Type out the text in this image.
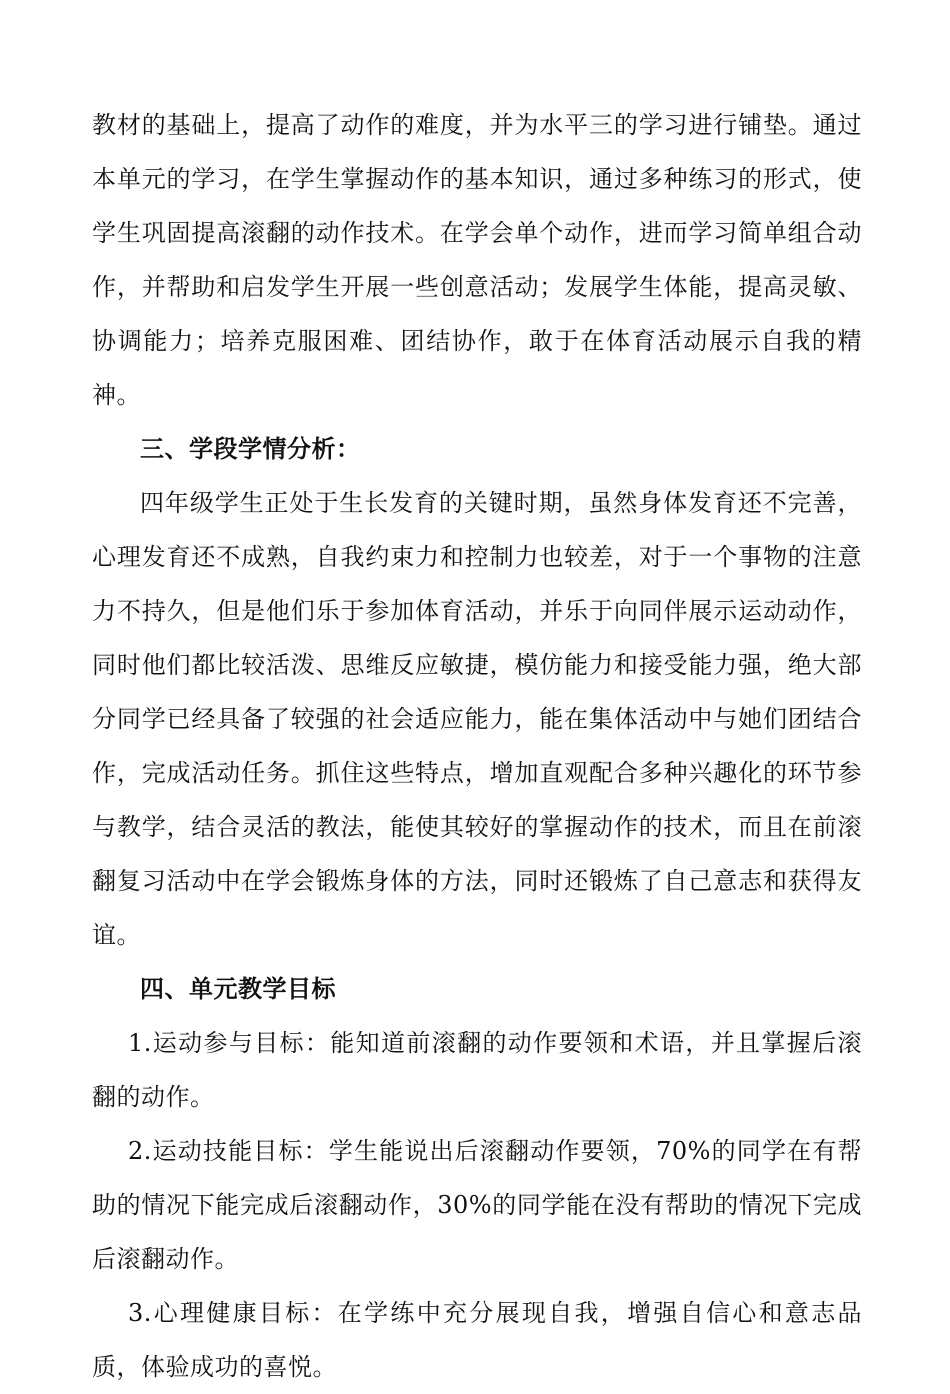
教材的基础上，提高了动作的难度，并为水平三的学习进行铺垫。通过本单元的学习，在学生掌握动作的基本知识，通过多种练习的形式，使学生巩固提高滚翻的动作技术。在学会单个动作，进而学习简单组合动作，并帮助和启发学生开展一些创意活动；发展学生体能，提高灵敏、协调能力；培养克服困难、团结协作，敢于在体育活动展示自我的精神。

三、学段学情分析：

四年级学生正处于生长发育的关键时期，虽然身体发育还不完善，心理发育还不成熟，自我约束力和控制力也较差，对于一个事物的注意力不持久，但是他们乐于参加体育活动，并乐于向同伴展示运动动作，同时他们都比较活泼、思维反应敏捷，模仿能力和接受能力强，绝大部分同学已经具备了较强的社会适应能力，能在集体活动中与她们团结合作，完成活动任务。抓住这些特点，增加直观配合多种兴趣化的环节参与教学，结合灵活的教法，能使其较好的掌握动作的技术，而且在前滚翻复习活动中在学会锻炼身体的方法，同时还锻炼了自己意志和获得友谊。

四、单元教学目标

1.运动参与目标：能知道前滚翻的动作要领和术语，并且掌握后滚翻的动作。

2.运动技能目标：学生能说出后滚翻动作要领，70%的同学在有帮助的情况下能完成后滚翻动作，30%的同学能在没有帮助的情况下完成后滚翻动作。

3.心理健康目标：在学练中充分展现自我，增强自信心和意志品质，体验成功的喜悦。
